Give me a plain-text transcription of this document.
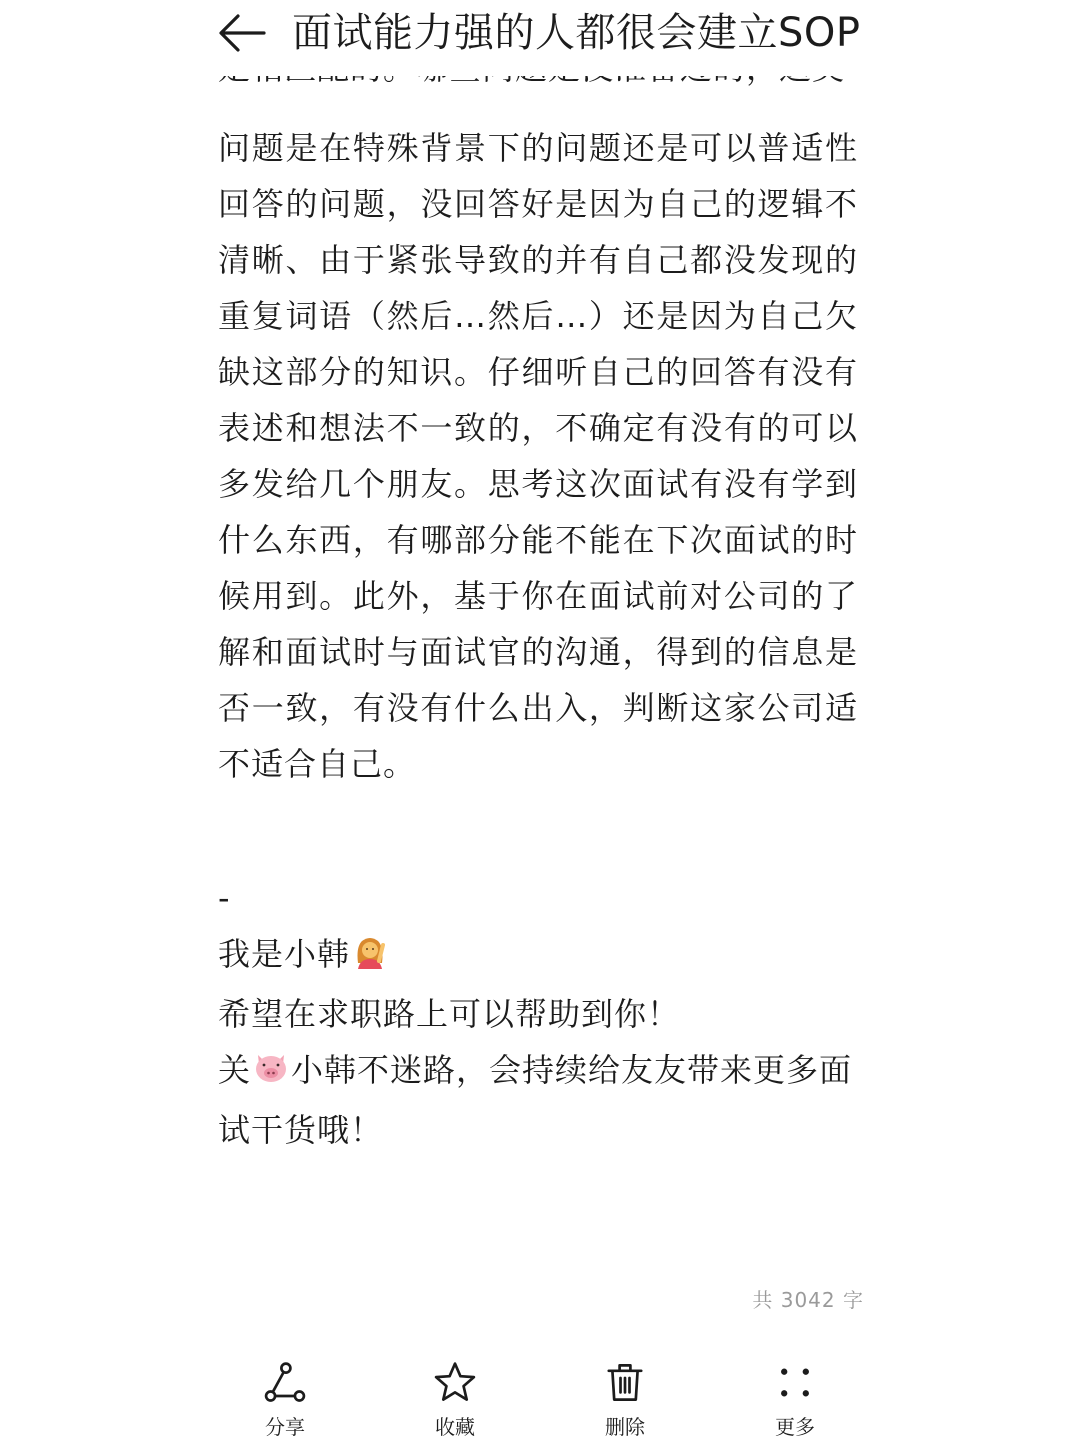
面试能力强的人都很会建立SOP

问题是在特殊背景下的问题还是可以普适性回答的问题，没回答好是因为自己的逻辑不清晰、由于紧张导致的并有自己都没发现的重复词语（然后…然后…）还是因为自己欠缺这部分的知识。仔细听自己的回答有没有表述和想法不一致的，不确定有没有的可以多发给几个朋友。思考这次面试有没有学到什么东西，有哪部分能不能在下次面试的时候用到。此外，基于你在面试前对公司的了解和面试时与面试官的沟通，得到的信息是否一致，有没有什么出入，判断这家公司适不适合自己。

-
我是小韩
希望在求职路上可以帮助到你！
关 小韩不迷路，会持续给友友带来更多面试干货哦！
共 3042 字
分享	收藏	删除	更多
